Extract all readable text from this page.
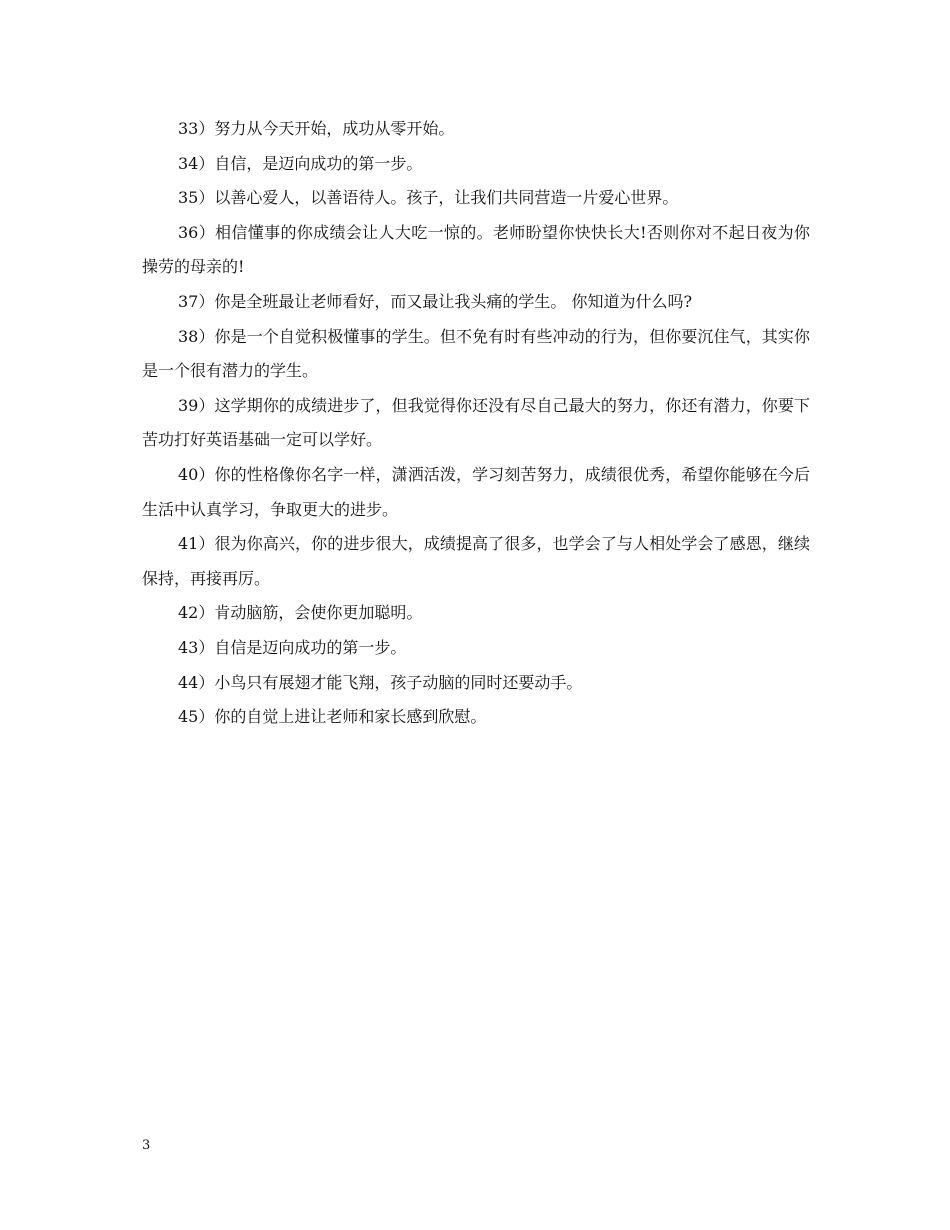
33）努力从今天开始，成功从零开始。

34）自信，是迈向成功的第一步。

35）以善心爱人，以善语待人。孩子，让我们共同营造一片爱心世界。

36）相信懂事的你成绩会让人大吃一惊的。老师盼望你快快长大!否则你对不起日夜为你操劳的母亲的!

37）你是全班最让老师看好，而又最让我头痛的学生。 你知道为什么吗?

38）你是一个自觉积极懂事的学生。但不免有时有些冲动的行为，但你要沉住气，其实你是一个很有潜力的学生。

39）这学期你的成绩进步了，但我觉得你还没有尽自己最大的努力，你还有潜力，你要下苦功打好英语基础一定可以学好。

40）你的性格像你名字一样，潇洒活泼，学习刻苦努力，成绩很优秀，希望你能够在今后生活中认真学习，争取更大的进步。

41）很为你高兴，你的进步很大，成绩提高了很多，也学会了与人相处学会了感恩，继续保持，再接再厉。

42）肯动脑筋，会使你更加聪明。

43）自信是迈向成功的第一步。

44）小鸟只有展翅才能飞翔，孩子动脑的同时还要动手。

45）你的自觉上进让老师和家长感到欣慰。

3
